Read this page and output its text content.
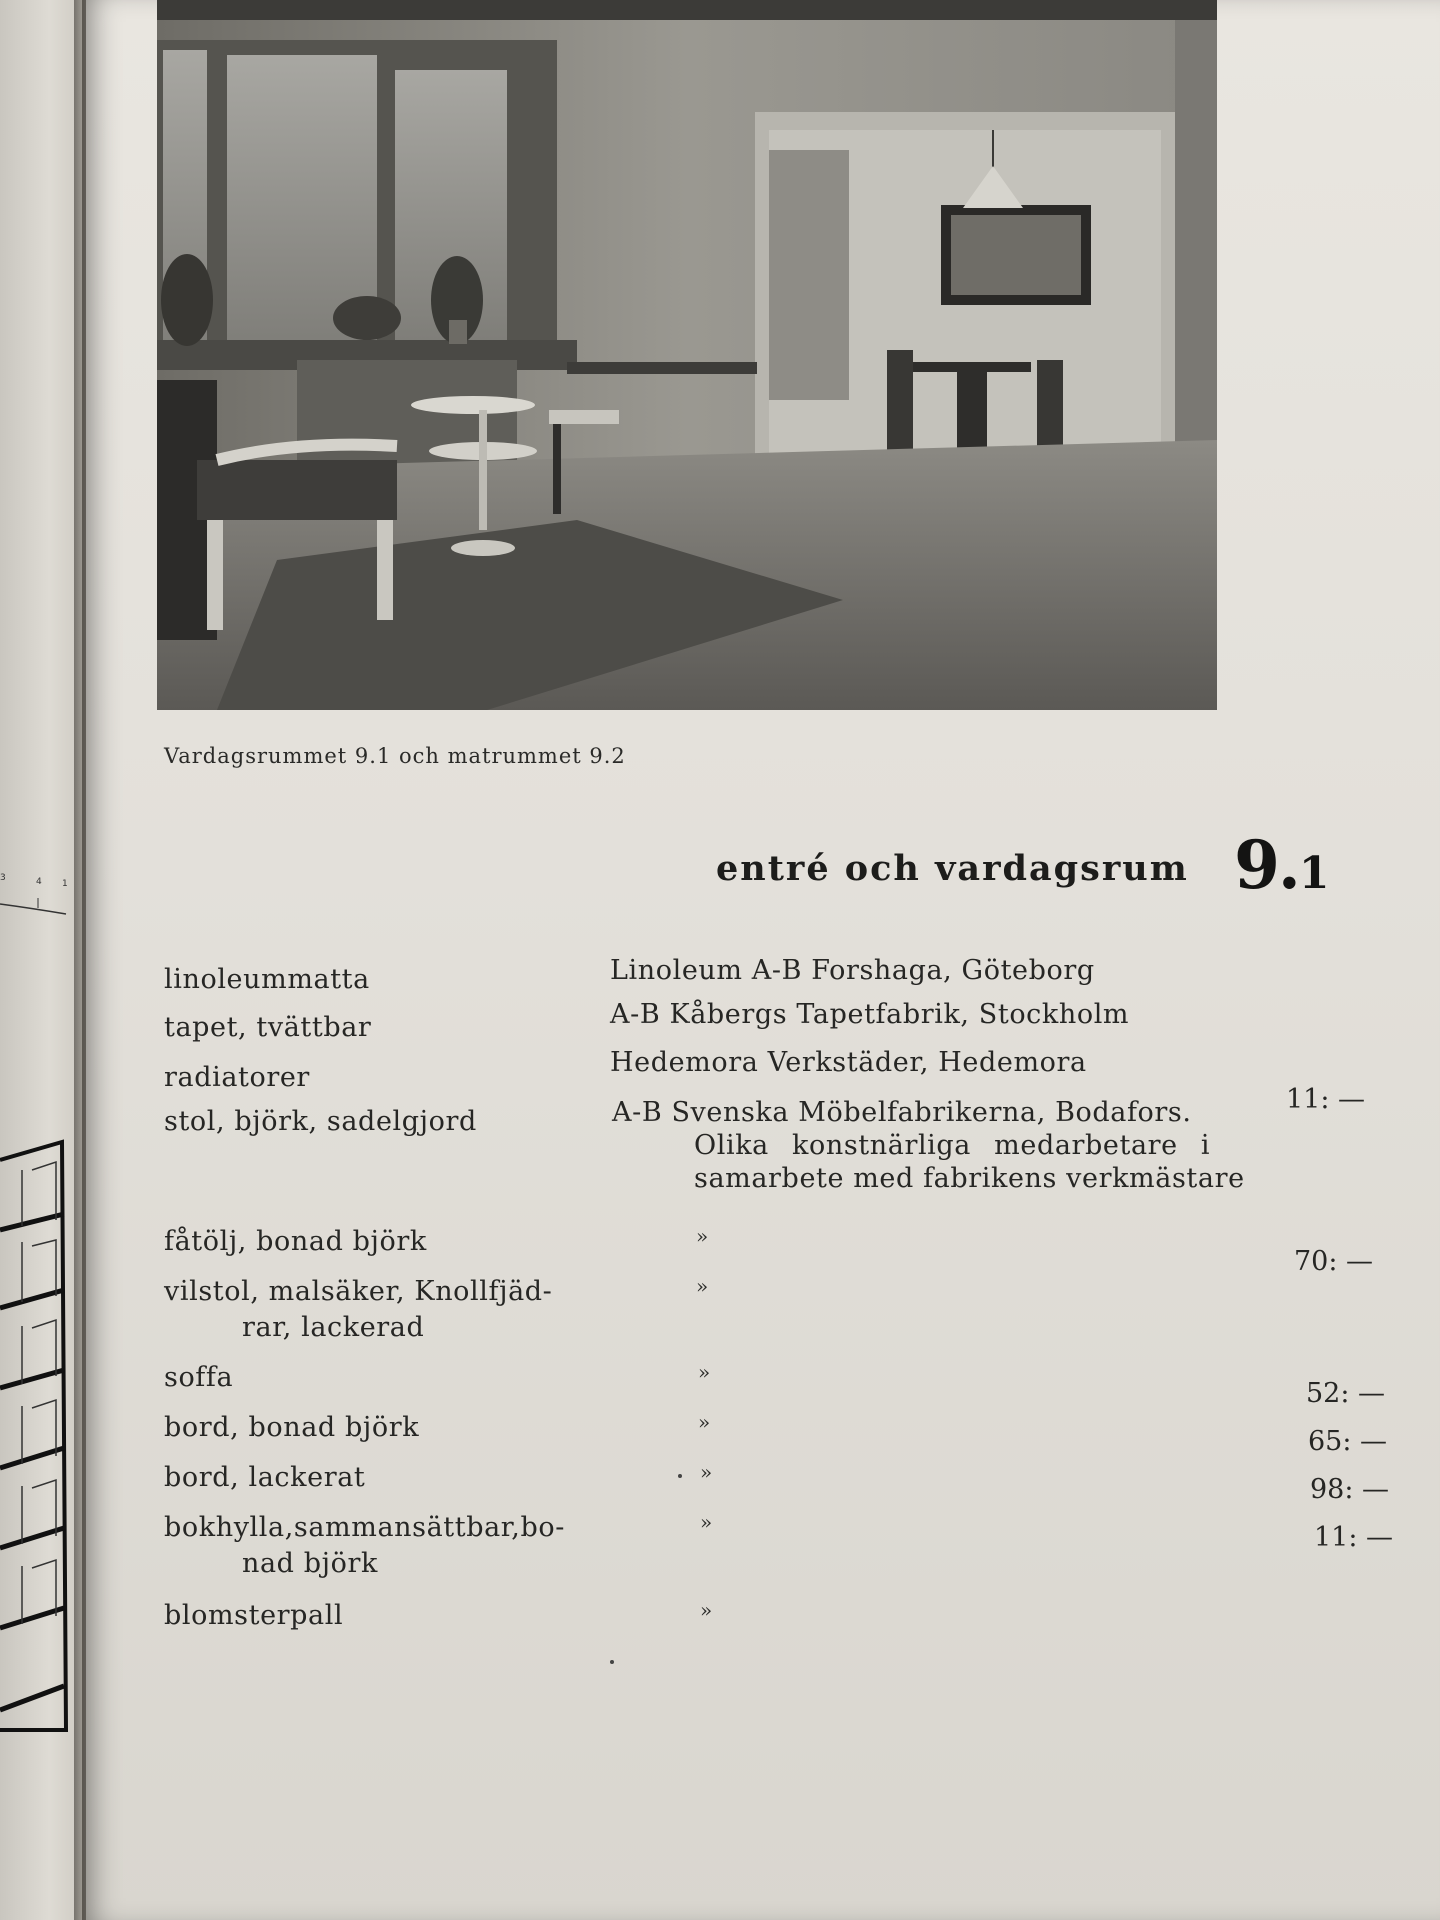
3	4 1
Vardagsrummet 9.1 och matrummet 9.2
entré och vardagsrum 9.1
linoleummatta
tapet, tvättbar
radiatorer
stol, björk, sadelgjord
fåtölj, bonad björk
vilstol, malsäker, Knollfjäd-
rar, lackerad
soffa
bord, bonad björk
bord, lackerat
bokhylla,sammansättbar,bo-
nad björk
blomsterpall
Linoleum A-B Forshaga, Göteborg
A-B Kåbergs Tapetfabrik, Stockholm
Hedemora Verkstäder, Hedemora
A-B Svenska Möbelfabrikerna, Bodafors.
Olika konstnärliga medarbetare i
samarbete med fabrikens verkmästare
»
»
»
»
»
»
»
11: —
70: —
52: —
65: —
98: —
11: —
